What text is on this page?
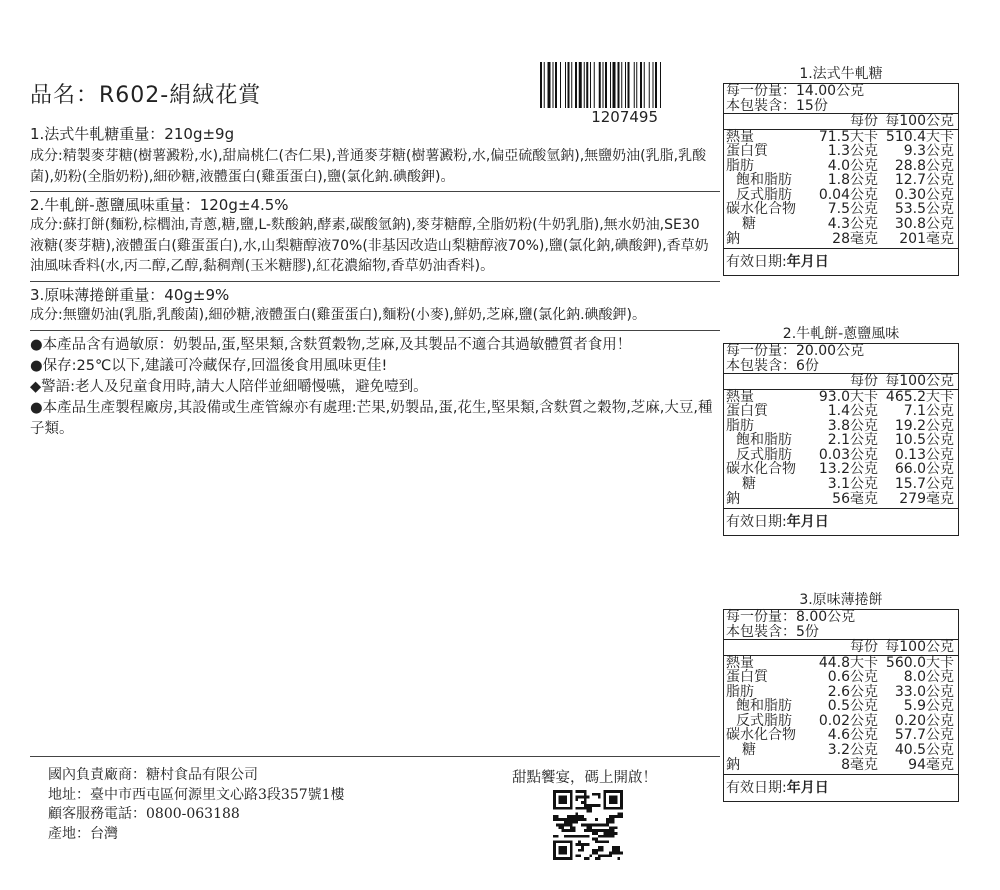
品名：R602-絹絨花賞
1207495
1.法式牛軋糖重量：210g±9g
成分:精製麥芽糖(樹薯澱粉,水),甜扁桃仁(杏仁果),普通麥芽糖(樹薯澱粉,水,偏亞硫酸氫鈉),無鹽奶油(乳脂,乳酸菌),奶粉(全脂奶粉),細砂糖,液體蛋白(雞蛋蛋白),鹽(氯化鈉.碘酸鉀)。
2.牛軋餅-蔥鹽風味重量：120g±4.5%
成分:蘇打餅(麵粉,棕櫚油,青蔥,糖,鹽,L-麩酸鈉,酵素,碳酸氫鈉),麥芽糖醇,全脂奶粉(牛奶乳脂),無水奶油,SE30液糖(麥芽糖),液體蛋白(雞蛋蛋白),水,山梨糖醇液70%(非基因改造山梨糖醇液70%),鹽(氯化鈉,碘酸鉀),香草奶油風味香料(水,丙二醇,乙醇,黏稠劑(玉米糖膠),紅花濃縮物,香草奶油香料)。
3.原味薄捲餅重量：40g±9%
成分:無鹽奶油(乳脂,乳酸菌),細砂糖,液體蛋白(雞蛋蛋白),麵粉(小麥),鮮奶,芝麻,鹽(氯化鈉.碘酸鉀)。
●本產品含有過敏原：奶製品,蛋,堅果類,含麩質穀物,芝麻,及其製品不適合其過敏體質者食用！
●保存:25℃以下,建議可冷藏保存,回溫後食用風味更佳!
◆警語:老人及兒童食用時,請大人陪伴並細嚼慢嚥，避免噎到。
●本產品生產製程廠房,其設備或生產管線亦有處理:芒果,奶製品,蛋,花生,堅果類,含麩質之穀物,芝麻,大豆,種子類。
國內負責廠商：糖村食品有限公司
地址：臺中市西屯區何源里文心路3段357號1樓
顧客服務電話：0800-063188
產地：台灣
甜點饗宴，碼上開啟！
1.法式牛軋糖
每一份量：14.00公克
本包裝含：15份
每份 每100公克
熱量	71.5大卡 510.4大卡
蛋白質	1.3公克	9.3公克
脂肪	4.0公克	28.8公克
飽和脂肪	1.8公克	12.7公克
反式脂肪	0.04公克	0.30公克
碳水化合物	7.5公克	53.5公克
糖	4.3公克	30.8公克
鈉	28毫克	201毫克
有效日期:年月日
2.牛軋餅-蔥鹽風味
每一份量：20.00公克
本包裝含：6份
每份 每100公克
熱量	93.0大卡 465.2大卡
蛋白質	1.4公克	7.1公克
脂肪	3.8公克	19.2公克
飽和脂肪	2.1公克	10.5公克
反式脂肪	0.03公克	0.13公克
碳水化合物	13.2公克	66.0公克
糖	3.1公克	15.7公克
鈉	56毫克	279毫克
有效日期:年月日
3.原味薄捲餅
每一份量：8.00公克
本包裝含：5份
每份 每100公克
熱量	44.8大卡 560.0大卡
蛋白質	0.6公克	8.0公克
脂肪	2.6公克	33.0公克
飽和脂肪	0.5公克	5.9公克
反式脂肪	0.02公克	0.20公克
碳水化合物	4.6公克	57.7公克
糖	3.2公克	40.5公克
鈉	8毫克	94毫克
有效日期:年月日
